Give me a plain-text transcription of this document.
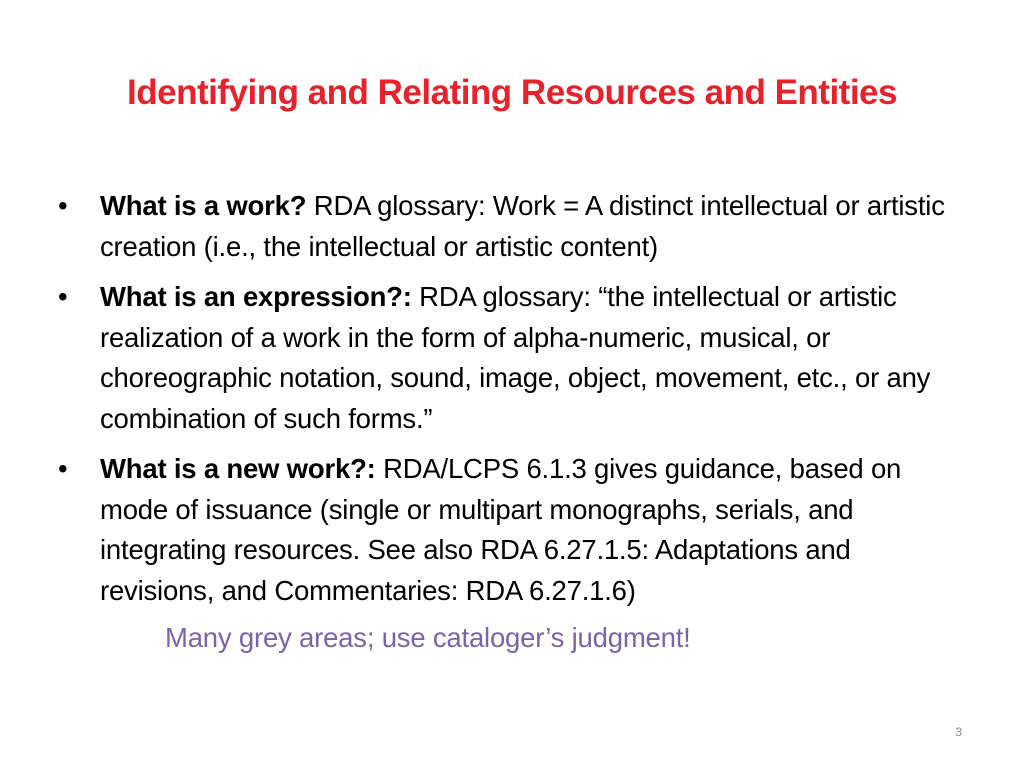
Identifying and Relating Resources and Entities
•	What is a work? RDA glossary: Work = A distinct intellectual or artistic creation (i.e., the intellectual or artistic content)
•	What is an expression?: RDA glossary: “the intellectual or artistic realization of a work in the form of alpha-numeric, musical, or choreographic notation, sound, image, object, movement, etc., or any combination of such forms.”
•	What is a new work?: RDA/LCPS 6.1.3 gives guidance, based on mode of issuance (single or multipart monographs, serials, and integrating resources. See also RDA 6.27.1.5: Adaptations and revisions, and Commentaries: RDA 6.27.1.6)

Many grey areas; use cataloger’s judgment!

3
